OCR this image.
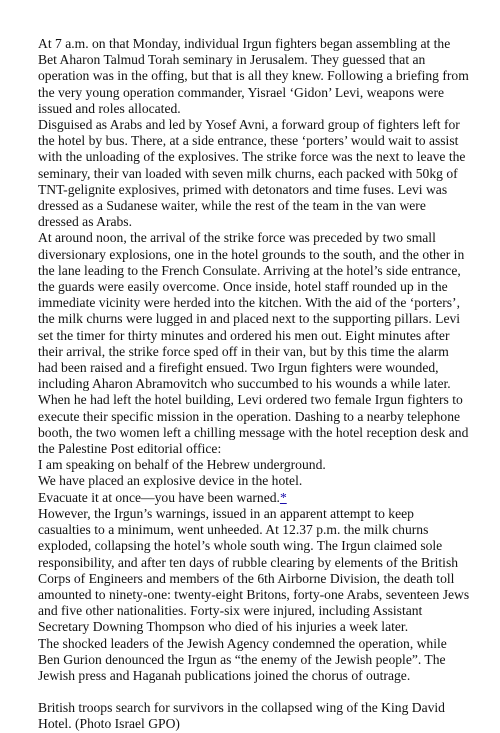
At 7 a.m. on that Monday, individual Irgun fighters began assembling at the Bet Aharon Talmud Torah seminary in Jerusalem. They guessed that an operation was in the offing, but that is all they knew. Following a briefing from the very young operation commander, Yisrael ‘Gidon’ Levi, weapons were issued and roles allocated.

Disguised as Arabs and led by Yosef Avni, a forward group of fighters left for the hotel by bus. There, at a side entrance, these ‘porters’ would wait to assist with the unloading of the explosives. The strike force was the next to leave the seminary, their van loaded with seven milk churns, each packed with 50kg of TNT-gelignite explosives, primed with detonators and time fuses. Levi was dressed as a Sudanese waiter, while the rest of the team in the van were dressed as Arabs.

At around noon, the arrival of the strike force was preceded by two small diversionary explosions, one in the hotel grounds to the south, and the other in the lane leading to the French Consulate. Arriving at the hotel’s side entrance, the guards were easily overcome. Once inside, hotel staff rounded up in the immediate vicinity were herded into the kitchen. With the aid of the ‘porters’, the milk churns were lugged in and placed next to the supporting pillars. Levi set the timer for thirty minutes and ordered his men out. Eight minutes after their arrival, the strike force sped off in their van, but by this time the alarm had been raised and a firefight ensued. Two Irgun fighters were wounded, including Aharon Abramovitch who succumbed to his wounds a while later.

When he had left the hotel building, Levi ordered two female Irgun fighters to execute their specific mission in the operation. Dashing to a nearby telephone booth, the two women left a chilling message with the hotel reception desk and the Palestine Post editorial office:

I am speaking on behalf of the Hebrew underground.

We have placed an explosive device in the hotel.

Evacuate it at once—you have been warned.*

However, the Irgun’s warnings, issued in an apparent attempt to keep casualties to a minimum, went unheeded. At 12.37 p.m. the milk churns exploded, collapsing the hotel’s whole south wing. The Irgun claimed sole responsibility, and after ten days of rubble clearing by elements of the British Corps of Engineers and members of the 6th Airborne Division, the death toll amounted to ninety-one: twenty-eight Britons, forty-one Arabs, seventeen Jews and five other nationalities. Forty-six were injured, including Assistant Secretary Downing Thompson who died of his injuries a week later.

The shocked leaders of the Jewish Agency condemned the operation, while Ben Gurion denounced the Irgun as “the enemy of the Jewish people”. The Jewish press and Haganah publications joined the chorus of outrage.

British troops search for survivors in the collapsed wing of the King David Hotel. (Photo Israel GPO)
